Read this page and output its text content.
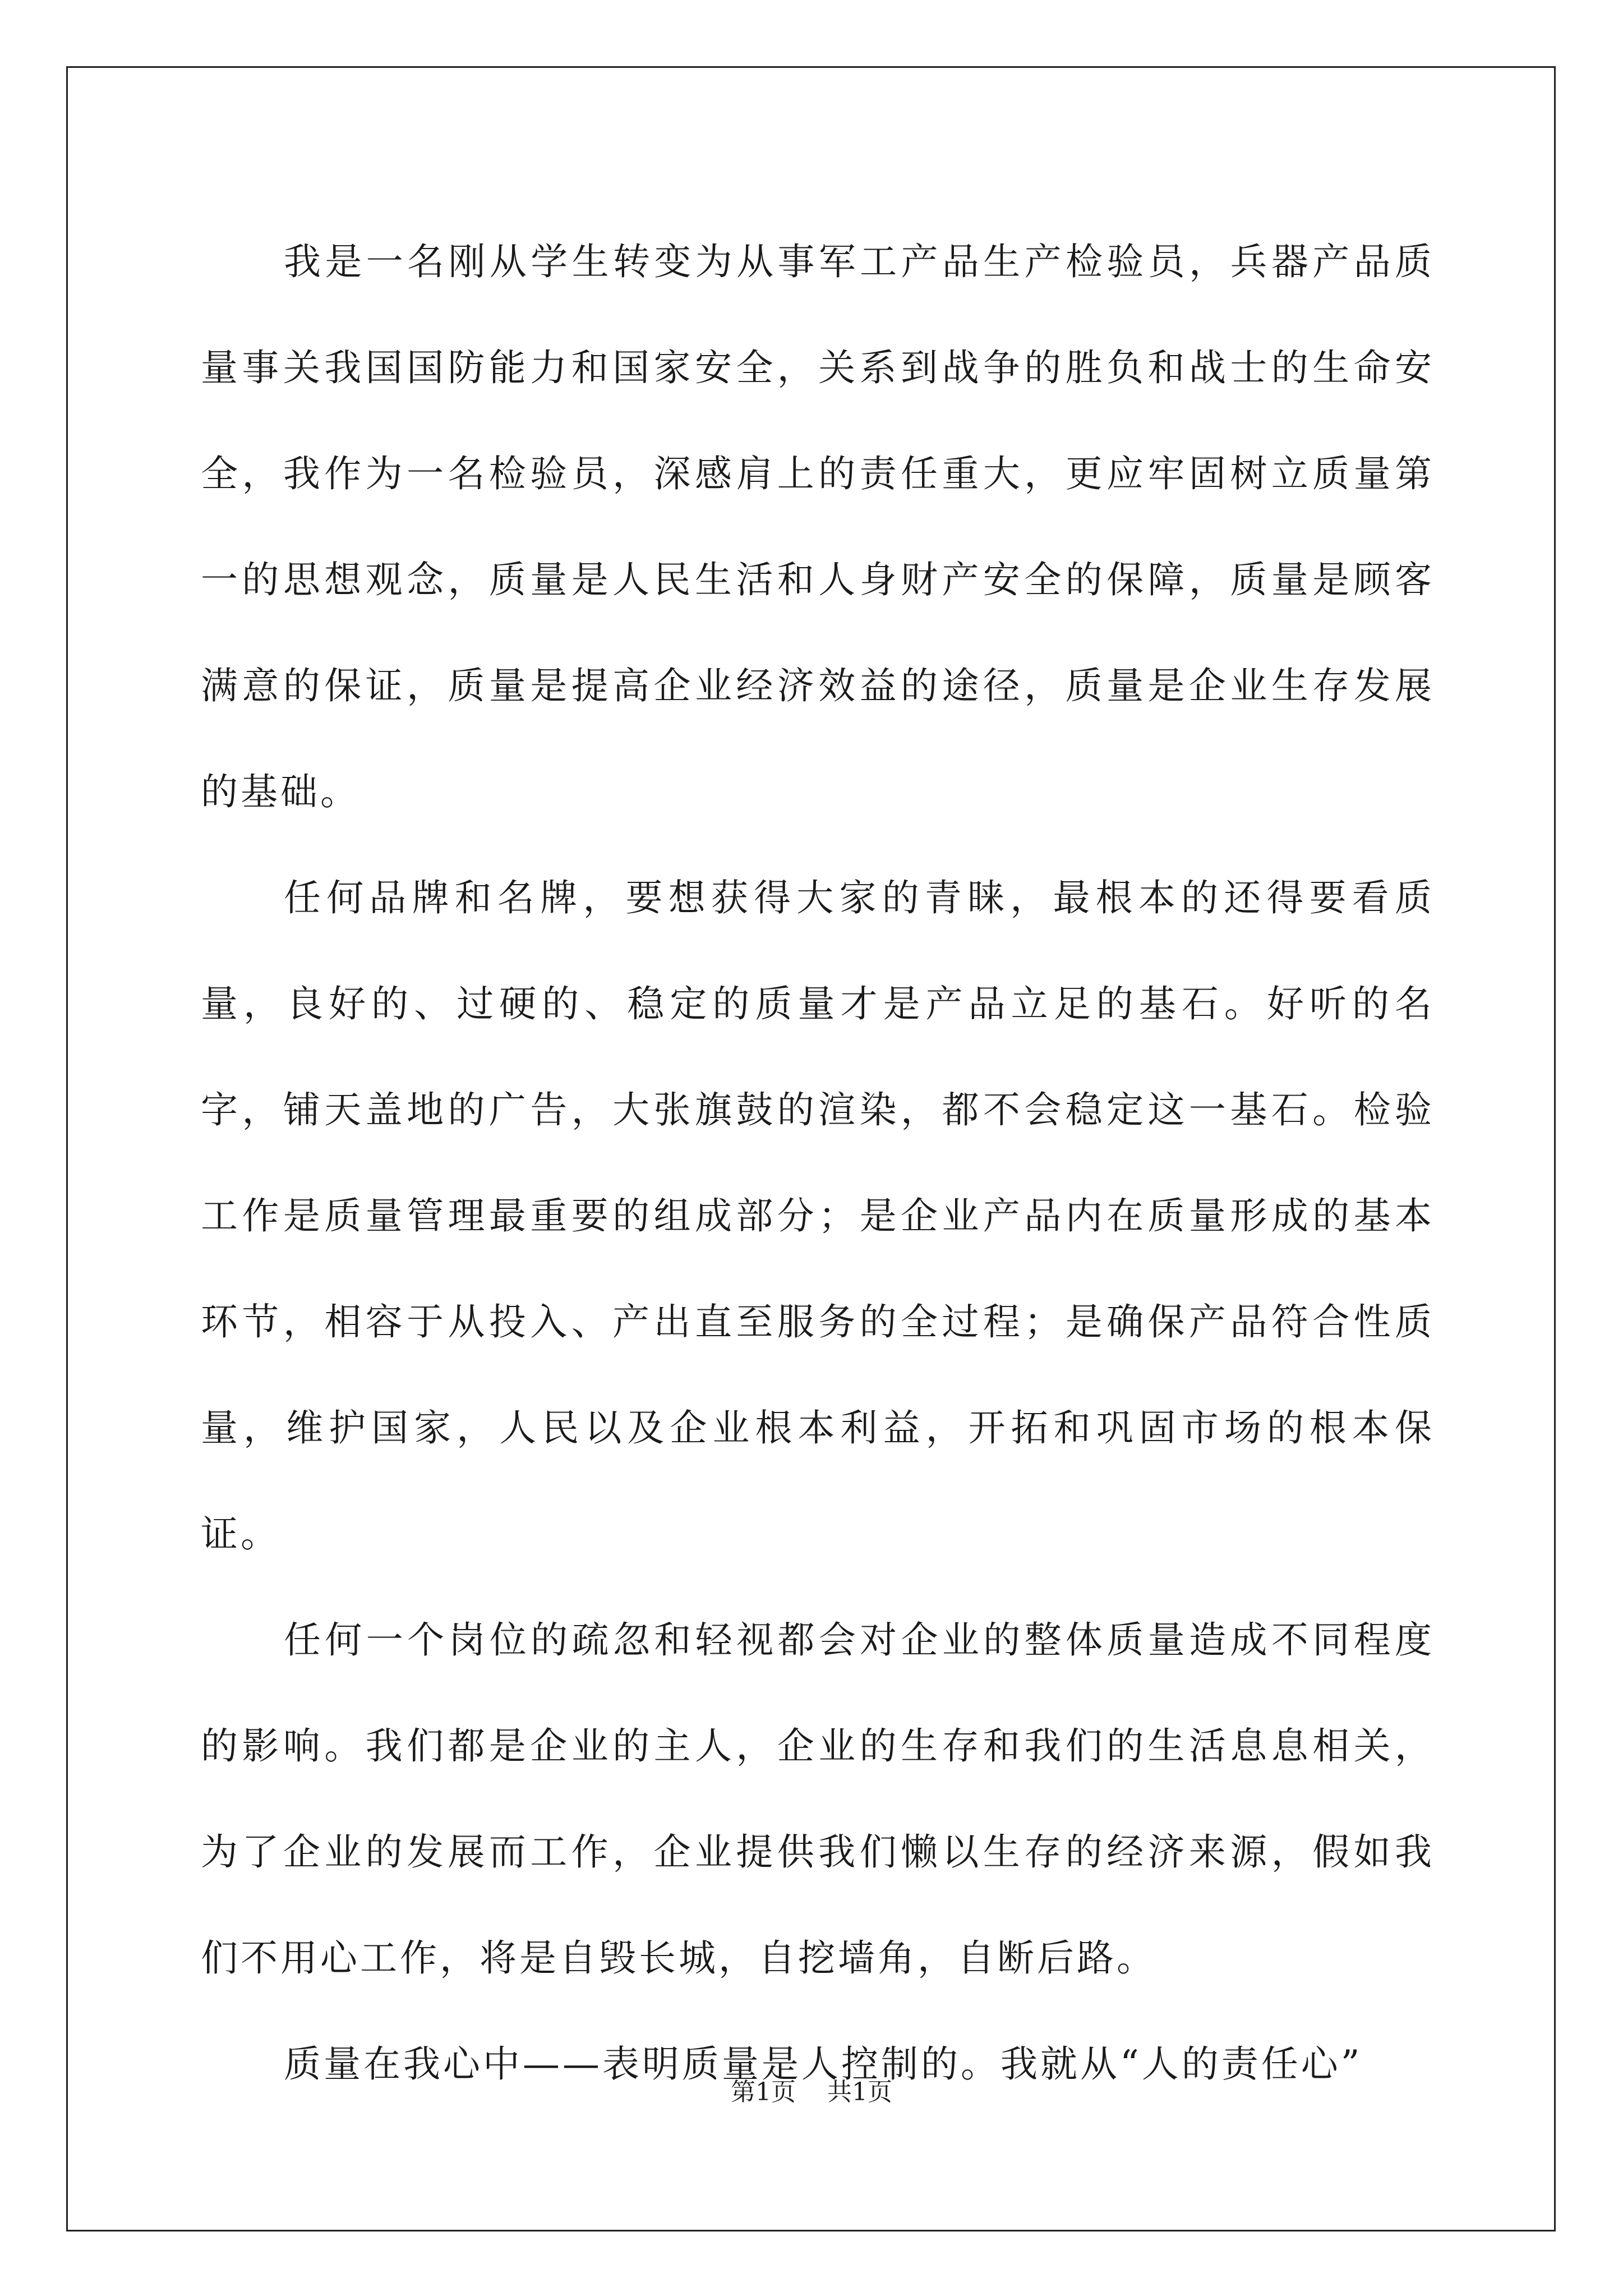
我是一名刚从学生转变为从事军工产品生产检验员，兵器产品质量事关我国国防能力和国家安全，关系到战争的胜负和战士的生命安全，我作为一名检验员，深感肩上的责任重大，更应牢固树立质量第一的思想观念，质量是人民生活和人身财产安全的保障，质量是顾客满意的保证，质量是提高企业经济效益的途径，质量是企业生存发展的基础。

任何品牌和名牌，要想获得大家的青睐，最根本的还得要看质量，良好的、过硬的、稳定的质量才是产品立足的基石。好听的名字，铺天盖地的广告，大张旗鼓的渲染，都不会稳定这一基石。检验工作是质量管理最重要的组成部分；是企业产品内在质量形成的基本环节，相容于从投入、产出直至服务的全过程；是确保产品符合性质量，维护国家，人民以及企业根本利益，开拓和巩固市场的根本保证。

任何一个岗位的疏忽和轻视都会对企业的整体质量造成不同程度的影响。我们都是企业的主人，企业的生存和我们的生活息息相关，为了企业的发展而工作，企业提供我们懒以生存的经济来源，假如我们不用心工作，将是自毁长城，自挖墙角，自断后路。

质量在我心中——表明质量是人控制的。我就从“人的责任心”

第1页 共1页
